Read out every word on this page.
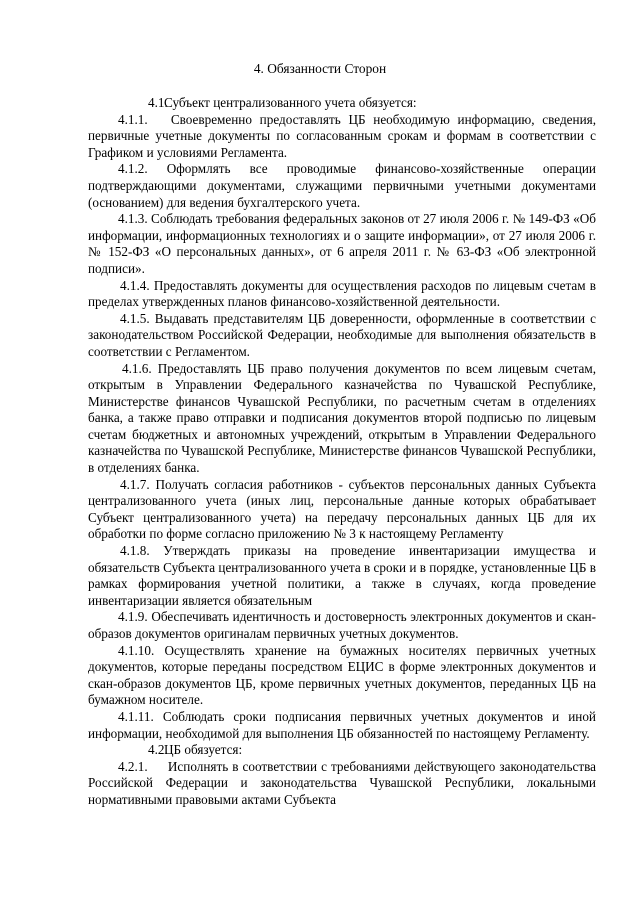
4. Обязанности Сторон

4.1.Субъект централизованного учета обязуется:

4.1.1. Своевременно предоставлять ЦБ необходимую информацию, сведения, первичные учетные документы по согласованным срокам и формам в соответствии с Графиком и условиями Регламента.

4.1.2. Оформлять все проводимые финансово-хозяйственные операции подтверждающими документами, служащими первичными учетными документами (основанием) для ведения бухгалтерского учета.

4.1.3. Соблюдать требования федеральных законов от 27 июля 2006 г. № 149-ФЗ «Об информации, информационных технологиях и о защите информации», от 27 июля 2006 г. № 152-ФЗ «О персональных данных», от 6 апреля 2011 г. № 63-ФЗ «Об электронной подписи».

4.1.4. Предоставлять документы для осуществления расходов по лицевым счетам в пределах утвержденных планов финансово-хозяйственной деятельности.

4.1.5. Выдавать представителям ЦБ доверенности, оформленные в соответствии с законодательством Российской Федерации, необходимые для выполнения обязательств в соответствии с Регламентом.

4.1.6. Предоставлять ЦБ право получения документов по всем лицевым счетам, открытым в Управлении Федерального казначейства по Чувашской Республике, Министерстве финансов Чувашской Республики, по расчетным счетам в отделениях банка, а также право отправки и подписания документов второй подписью по лицевым счетам бюджетных и автономных учреждений, открытым в Управлении Федерального казначейства по Чувашской Республике, Министерстве финансов Чувашской Республики, в отделениях банка.

4.1.7. Получать согласия работников - субъектов персональных данных Субъекта централизованного учета (иных лиц, персональные данные которых обрабатывает Субъект централизованного учета) на передачу персональных данных ЦБ для их обработки по форме согласно приложению № 3 к настоящему Регламенту

4.1.8. Утверждать приказы на проведение инвентаризации имущества и обязательств Субъекта централизованного учета в сроки и в порядке, установленные ЦБ в рамках формирования учетной политики, а также в случаях, когда проведение инвентаризации является обязательным

4.1.9. Обеспечивать идентичность и достоверность электронных документов и скан-образов документов оригиналам первичных учетных документов.

4.1.10. Осуществлять хранение на бумажных носителях первичных учетных документов, которые переданы посредством ЕЦИС в форме электронных документов и скан-образов документов ЦБ, кроме первичных учетных документов, переданных ЦБ на бумажном носителе.

4.1.11. Соблюдать сроки подписания первичных учетных документов и иной информации, необходимой для выполнения ЦБ обязанностей по настоящему Регламенту.

4.2.ЦБ обязуется:

4.2.1. Исполнять в соответствии с требованиями действующего законодательства Российской Федерации и законодательства Чувашской Республики, локальными нормативными правовыми актами Субъекта
